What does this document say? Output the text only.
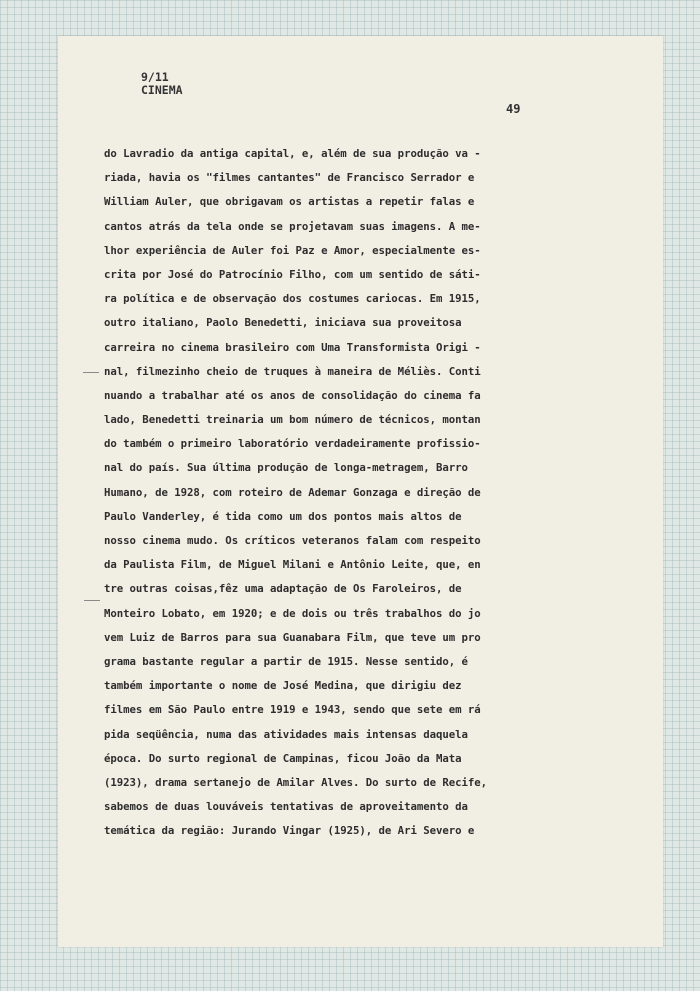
9/11
CINEMA
49
do Lavradio da antiga capital, e, além de sua produção va -
riada, havia os "filmes cantantes" de Francisco Serrador e
William Auler, que obrigavam os artistas a repetir falas e
cantos atrás da tela onde se projetavam suas imagens. A me-
lhor experiência de Auler foi Paz e Amor, especialmente es-
crita por José do Patrocínio Filho, com um sentido de sáti-
ra política e de observação dos costumes cariocas. Em 1915,
outro italiano, Paolo Benedetti, iniciava sua proveitosa
carreira no cinema brasileiro com Uma Transformista Origi -
nal, filmezinho cheio de truques à maneira de Méliès. Conti
nuando a trabalhar até os anos de consolidação do cinema fa
lado, Benedetti treinaria um bom número de técnicos, montan
do também o primeiro laboratório verdadeiramente profissio-
nal do país. Sua última produção de longa-metragem, Barro
Humano, de 1928, com roteiro de Ademar Gonzaga e direção de
Paulo Vanderley, é tida como um dos pontos mais altos de
nosso cinema mudo. Os críticos veteranos falam com respeito
da Paulista Film, de Miguel Milani e Antônio Leite, que, en
tre outras coisas,fêz uma adaptação de Os Faroleiros, de
Monteiro Lobato, em 1920; e de dois ou três trabalhos do jo
vem Luiz de Barros para sua Guanabara Film, que teve um pro
grama bastante regular a partir de 1915. Nesse sentido, é
também importante o nome de José Medina, que dirigiu dez
filmes em São Paulo entre 1919 e 1943, sendo que sete em rá
pida seqüência, numa das atividades mais intensas daquela
época. Do surto regional de Campinas, ficou João da Mata
(1923), drama sertanejo de Amilar Alves. Do surto de Recife,
sabemos de duas louváveis tentativas de aproveitamento da
temática da região: Jurando Vingar (1925), de Ari Severo e
